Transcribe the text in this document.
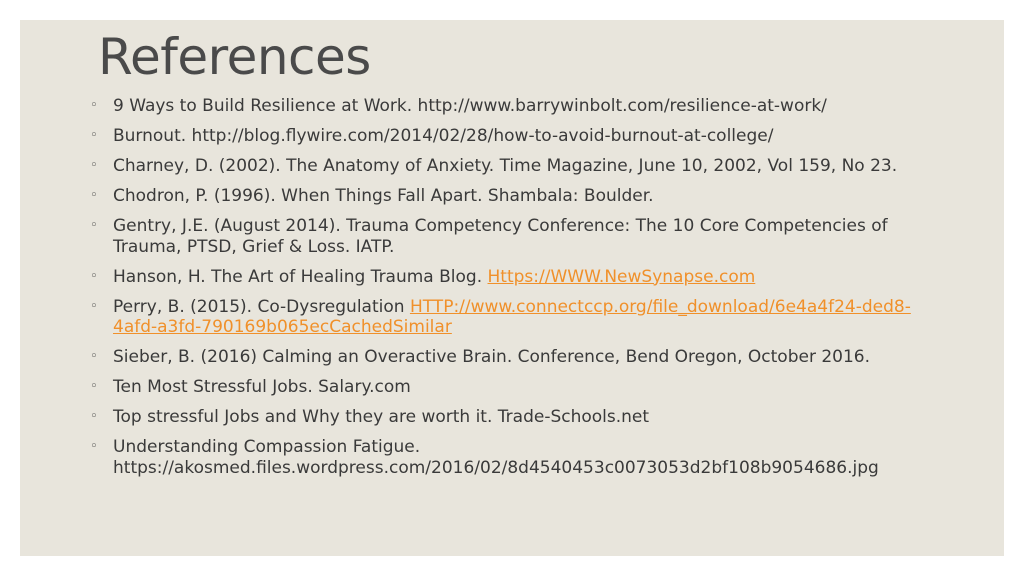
References
◦ 9 Ways to Build Resilience at Work. http://www.barrywinbolt.com/resilience-at-work/
◦ Burnout. http://blog.flywire.com/2014/02/28/how-to-avoid-burnout-at-college/
◦ Charney, D. (2002). The Anatomy of Anxiety. Time Magazine, June 10, 2002, Vol 159, No 23.
◦ Chodron, P. (1996). When Things Fall Apart. Shambala: Boulder.
◦ Gentry, J.E. (August 2014). Trauma Competency Conference: The 10 Core Competencies of Trauma, PTSD, Grief & Loss. IATP.
◦ Hanson, H. The Art of Healing Trauma Blog. Https://WWW.NewSynapse.com
◦ Perry, B. (2015). Co-Dysregulation HTTP://www.connectccp.org/file_download/6e4a4f24-ded8-4afd-a3fd-790169b065ecCachedSimilar
◦ Sieber, B. (2016) Calming an Overactive Brain. Conference, Bend Oregon, October 2016.
◦ Ten Most Stressful Jobs. Salary.com
◦ Top stressful Jobs and Why they are worth it. Trade-Schools.net
◦ Understanding Compassion Fatigue. https://akosmed.files.wordpress.com/2016/02/8d4540453c0073053d2bf108b9054686.jpg
